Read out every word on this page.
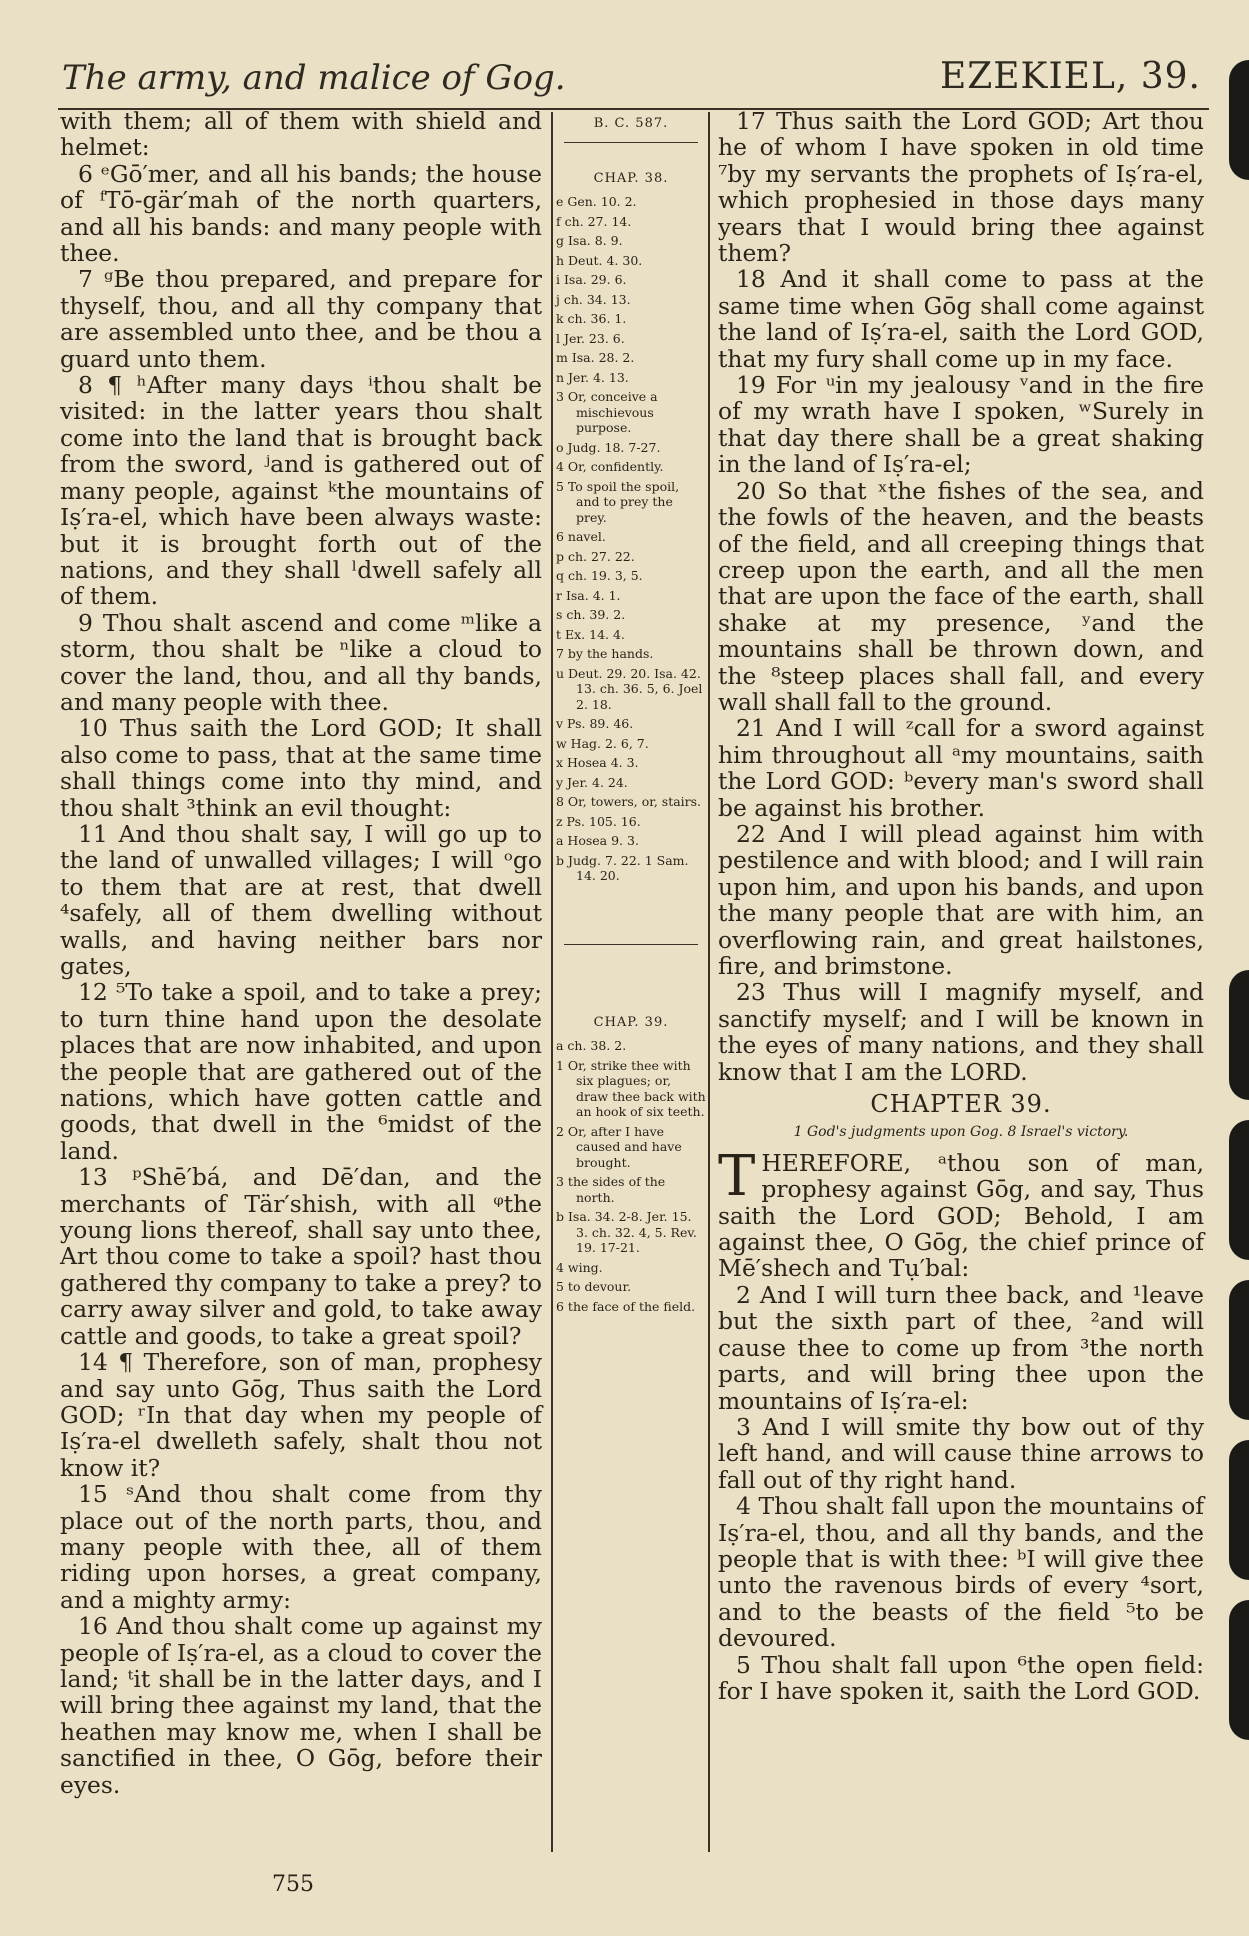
The army, and malice of Gog.	EZEKIEL, 39.

with them; all of them with shield and helmet:

6 ᵉGō′mer, and all his bands; the house of ᶠTō-gär′mah of the north quarters, and all his bands: and many people with thee.

7 ᵍBe thou prepared, and prepare for thyself, thou, and all thy company that are assembled unto thee, and be thou a guard unto them.

8 ¶ ʰAfter many days ⁱthou shalt be visited: in the latter years thou shalt come into the land that is brought back from the sword, ʲand is gathered out of many people, against ᵏthe mountains of Iṣ′ra-el, which have been always waste: but it is brought forth out of the nations, and they shall ˡdwell safely all of them.

9 Thou shalt ascend and come ᵐlike a storm, thou shalt be ⁿlike a cloud to cover the land, thou, and all thy bands, and many people with thee.

10 Thus saith the Lord GOD; It shall also come to pass, that at the same time shall things come into thy mind, and thou shalt ³think an evil thought:

11 And thou shalt say, I will go up to the land of unwalled villages; I will ᵒgo to them that are at rest, that dwell ⁴safely, all of them dwelling without walls, and having neither bars nor gates,

12 ⁵To take a spoil, and to take a prey; to turn thine hand upon the desolate places that are now inhabited, and upon the people that are gathered out of the nations, which have gotten cattle and goods, that dwell in the ⁶midst of the land.

13 ᵖShē′bá, and Dē′dan, and the merchants of Tär′shish, with all ᵠthe young lions thereof, shall say unto thee, Art thou come to take a spoil? hast thou gathered thy company to take a prey? to carry away silver and gold, to take away cattle and goods, to take a great spoil?

14 ¶ Therefore, son of man, prophesy and say unto Gōg, Thus saith the Lord GOD; ʳIn that day when my people of Iṣ′ra-el dwelleth safely, shalt thou not know it?

15 ˢAnd thou shalt come from thy place out of the north parts, thou, and many people with thee, all of them riding upon horses, a great company, and a mighty army:

16 And thou shalt come up against my people of Iṣ′ra-el, as a cloud to cover the land; ᵗit shall be in the latter days, and I will bring thee against my land, that the heathen may know me, when I shall be sanctified in thee, O Gōg, before their eyes.

B. C. 587.
CHAP. 38.
e Gen. 10. 2.
f ch. 27. 14.
g Isa. 8. 9.
h Deut. 4. 30.
i Isa. 29. 6.
j ch. 34. 13.
k ch. 36. 1.
l Jer. 23. 6.
m Isa. 28. 2.
n Jer. 4. 13.
3 Or, conceive a mischievous purpose.
o Judg. 18. 7-27.
4 Or, confidently.
5 To spoil the spoil, and to prey the prey.
6 navel.
p ch. 27. 22.
q ch. 19. 3, 5.
r Isa. 4. 1.
s ch. 39. 2.
t Ex. 14. 4.
7 by the hands.
u Deut. 29. 20. Isa. 42. 13. ch. 36. 5, 6. Joel 2. 18.
v Ps. 89. 46.
w Hag. 2. 6, 7.
x Hosea 4. 3.
y Jer. 4. 24.
8 Or, towers, or, stairs.
z Ps. 105. 16.
a Hosea 9. 3.
b Judg. 7. 22. 1 Sam. 14. 20.
CHAP. 39.
a ch. 38. 2.
1 Or, strike thee with six plagues; or, draw thee back with an hook of six teeth.
2 Or, after I have caused and have brought.
3 the sides of the north.
b Isa. 34. 2-8. Jer. 15. 3. ch. 32. 4, 5. Rev. 19. 17-21.
4 wing.
5 to devour.
6 the face of the field.

17 Thus saith the Lord GOD; Art thou he of whom I have spoken in old time ⁷by my servants the prophets of Iṣ′ra-el, which prophesied in those days many years that I would bring thee against them?

18 And it shall come to pass at the same time when Gōg shall come against the land of Iṣ′ra-el, saith the Lord GOD, that my fury shall come up in my face.

19 For ᵘin my jealousy ᵛand in the fire of my wrath have I spoken, ʷSurely in that day there shall be a great shaking in the land of Iṣ′ra-el;

20 So that ˣthe fishes of the sea, and the fowls of the heaven, and the beasts of the field, and all creeping things that creep upon the earth, and all the men that are upon the face of the earth, shall shake at my presence, ʸand the mountains shall be thrown down, and the ⁸steep places shall fall, and every wall shall fall to the ground.

21 And I will ᶻcall for a sword against him throughout all ᵃmy mountains, saith the Lord GOD: ᵇevery man's sword shall be against his brother.

22 And I will plead against him with pestilence and with blood; and I will rain upon him, and upon his bands, and upon the many people that are with him, an overflowing rain, and great hailstones, fire, and brimstone.

23 Thus will I magnify myself, and sanctify myself; and I will be known in the eyes of many nations, and they shall know that I am the LORD.

CHAPTER 39.
1 God's judgments upon Gog. 8 Israel's victory.

T HEREFORE, ᵃthou son of man, prophesy against Gōg, and say, Thus saith the Lord GOD; Behold, I am against thee, O Gōg, the chief prince of Mē′shech and Tụ′bal:

2 And I will turn thee back, and ¹leave but the sixth part of thee, ²and will cause thee to come up from ³the north parts, and will bring thee upon the mountains of Iṣ′ra-el:

3 And I will smite thy bow out of thy left hand, and will cause thine arrows to fall out of thy right hand.

4 Thou shalt fall upon the mountains of Iṣ′ra-el, thou, and all thy bands, and the people that is with thee: ᵇI will give thee unto the ravenous birds of every ⁴sort, and to the beasts of the field ⁵to be devoured.

5 Thou shalt fall upon ⁶the open field: for I have spoken it, saith the Lord GOD.

755
